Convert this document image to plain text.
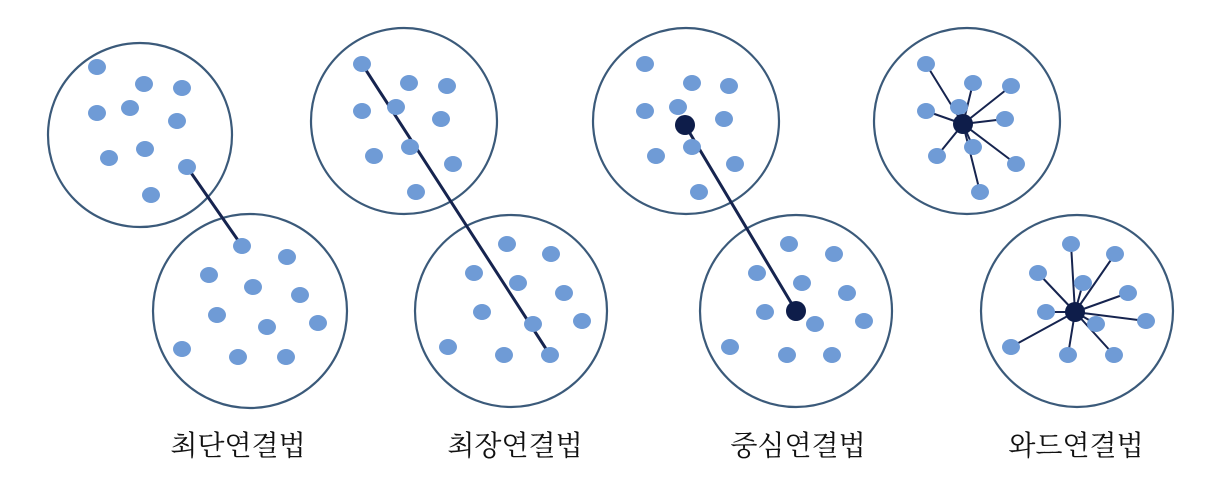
최단연결법	최장연결법	중심연결법	와드연결법
